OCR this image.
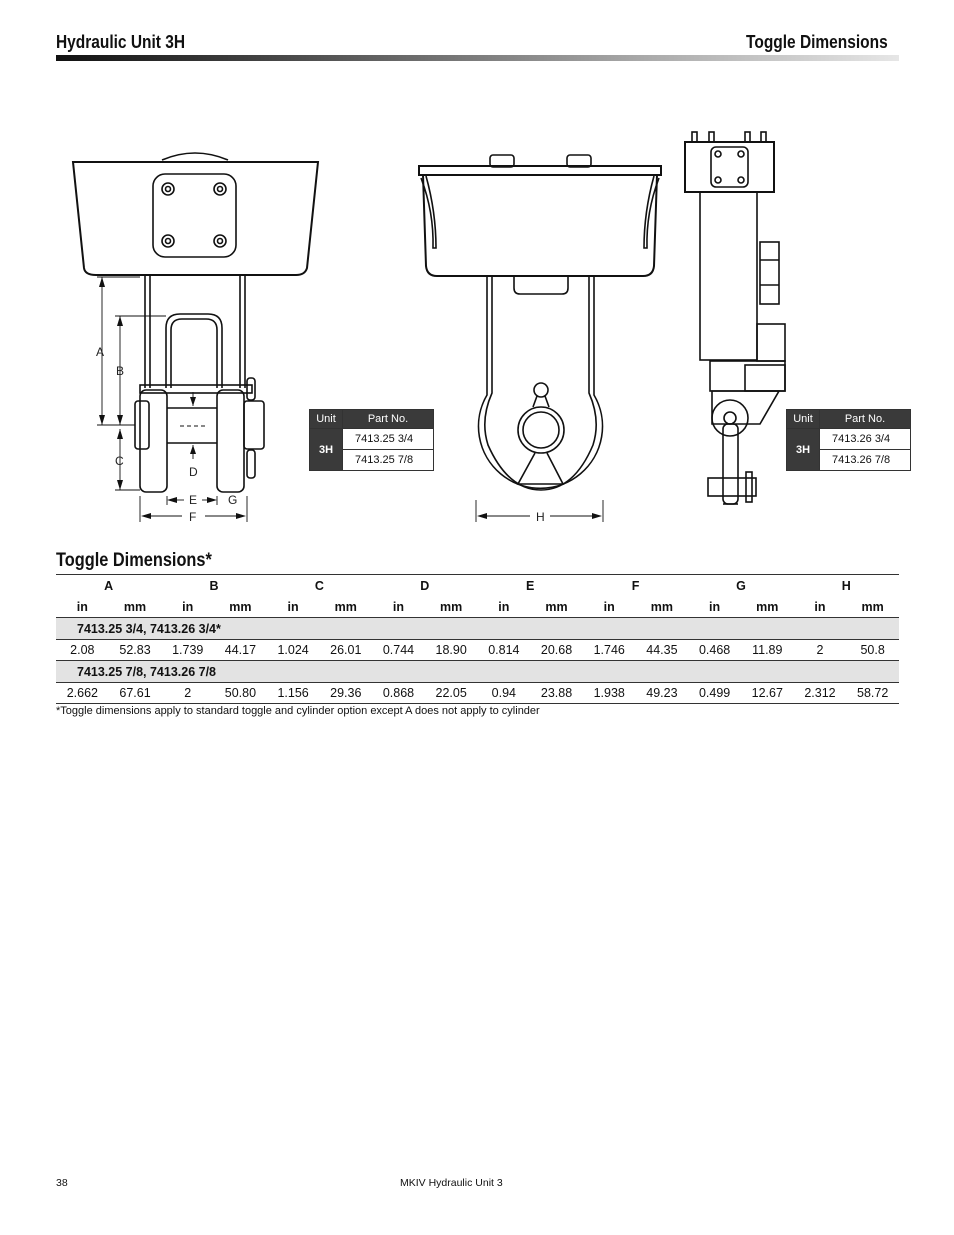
Hydraulic Unit 3H	Toggle Dimensions
A
B
C
D
E
F
G
H
Unit	Part No.
3H	7413.25 3/4
	7413.25 7/8
Unit	Part No.
3H	7413.26 3/4
	7413.26 7/8
Toggle Dimensions*
A		B		C		D		E		F		G		H	
in	mm	in	mm	in	mm	in	mm	in	mm	in	mm	in	mm	in	mm
7413.25 3/4, 7413.26 3/4*															
2.08	52.83	1.739	44.17	1.024	26.01	0.744	18.90	0.814	20.68	1.746	44.35	0.468	11.89	2	50.8
7413.25 7/8, 7413.26 7/8															
2.662	67.61	2	50.80	1.156	29.36	0.868	22.05	0.94	23.88	1.938	49.23	0.499	12.67	2.312	58.72
*Toggle dimensions apply to standard toggle and cylinder option except A does not apply to cylinder
38	MKIV Hydraulic Unit 3
